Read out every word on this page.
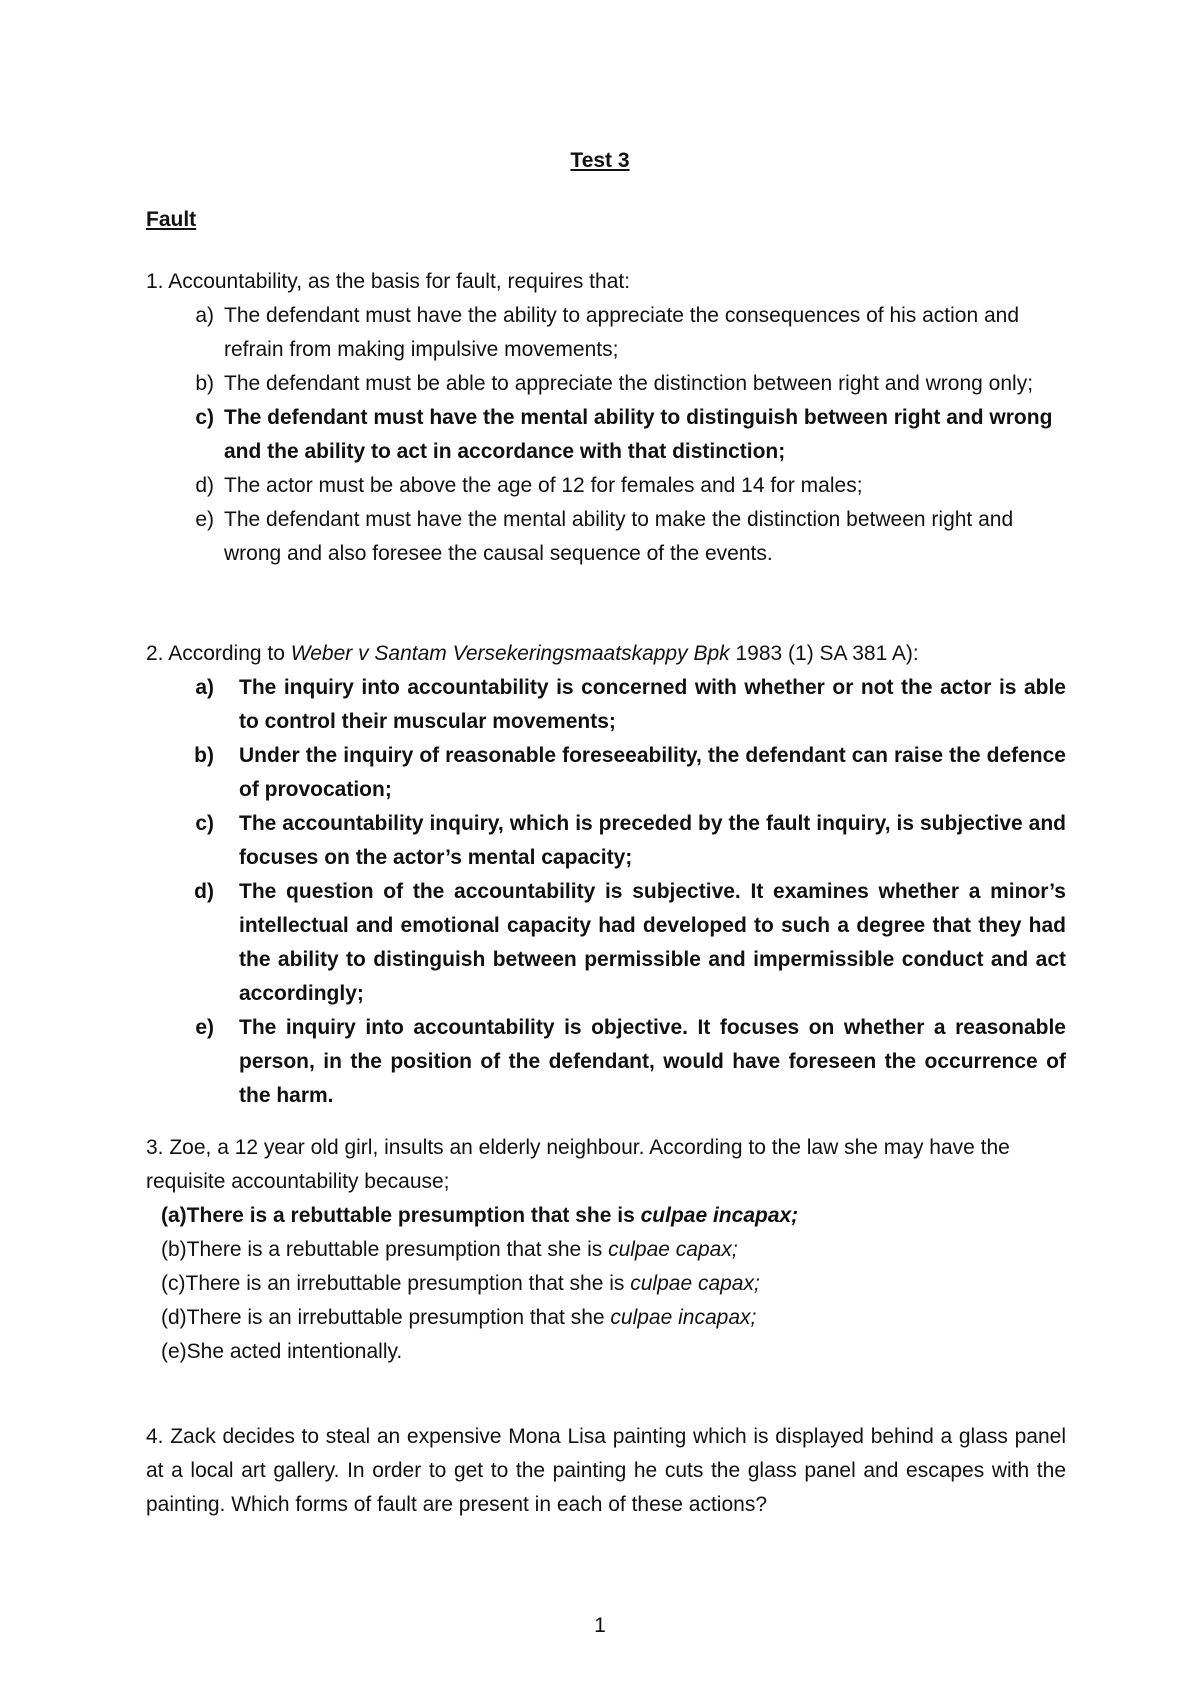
Test 3
Fault
1. Accountability, as the basis for fault, requires that:
a) The defendant must have the ability to appreciate the consequences of his action and refrain from making impulsive movements;
b) The defendant must be able to appreciate the distinction between right and wrong only;
c) The defendant must have the mental ability to distinguish between right and wrong and the ability to act in accordance with that distinction;
d) The actor must be above the age of 12 for females and 14 for males;
e) The defendant must have the mental ability to make the distinction between right and wrong and also foresee the causal sequence of the events.
2. According to Weber v Santam Versekeringsmaatskappy Bpk 1983 (1) SA 381 A):
a) The inquiry into accountability is concerned with whether or not the actor is able to control their muscular movements;
b) Under the inquiry of reasonable foreseeability, the defendant can raise the defence of provocation;
c) The accountability inquiry, which is preceded by the fault inquiry, is subjective and focuses on the actor’s mental capacity;
d) The question of the accountability is subjective. It examines whether a minor’s intellectual and emotional capacity had developed to such a degree that they had the ability to distinguish between permissible and impermissible conduct and act accordingly;
e) The inquiry into accountability is objective. It focuses on whether a reasonable person, in the position of the defendant, would have foreseen the occurrence of the harm.
3. Zoe, a 12 year old girl, insults an elderly neighbour. According to the law she may have the requisite accountability because;
(a) There is a rebuttable presumption that she is culpae incapax;
(b) There is a rebuttable presumption that she is culpae capax;
(c) There is an irrebuttable presumption that she is culpae capax;
(d) There is an irrebuttable presumption that she culpae incapax;
(e) She acted intentionally.
4. Zack decides to steal an expensive Mona Lisa painting which is displayed behind a glass panel at a local art gallery. In order to get to the painting he cuts the glass panel and escapes with the painting. Which forms of fault are present in each of these actions?
1
